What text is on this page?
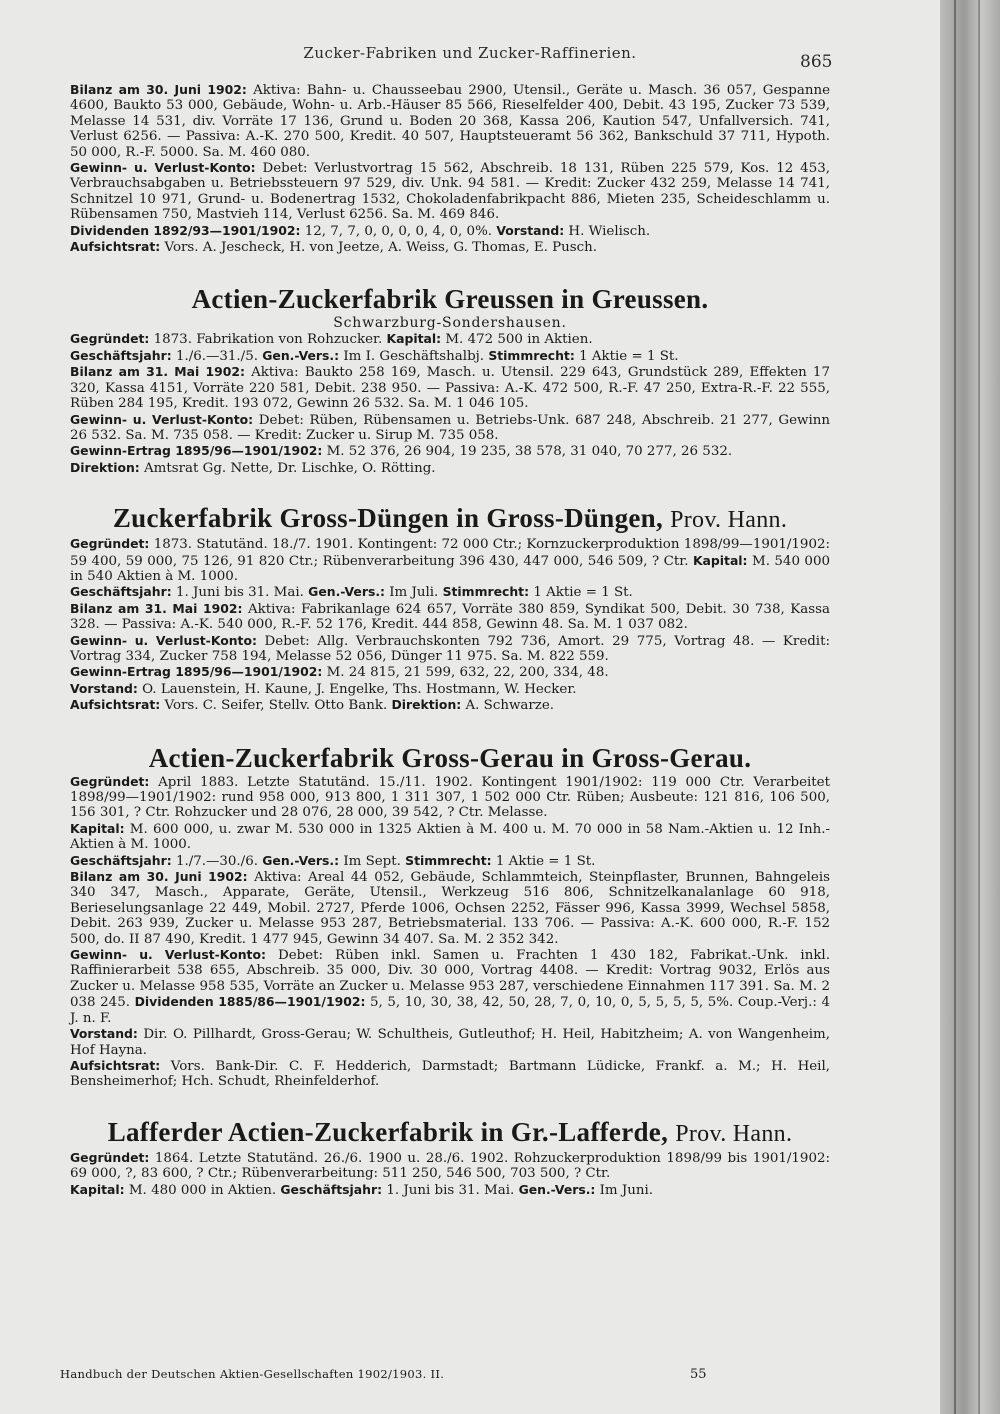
Zucker-Fabriken und Zucker-Raffinerien.	865

Bilanz am 30. Juni 1902: Aktiva: Bahn- u. Chausseebau 2900, Utensil., Geräte u. Masch. 36 057, Gespanne 4600, Baukto 53 000, Gebäude, Wohn- u. Arb.-Häuser 85 566, Rieselfelder 400, Debit. 43 195, Zucker 73 539, Melasse 14 531, div. Vorräte 17 136, Grund u. Boden 20 368, Kassa 206, Kaution 547, Unfallversich. 741, Verlust 6256. — Passiva: A.-K. 270 500, Kredit. 40 507, Hauptsteueramt 56 362, Bankschuld 37 711, Hypoth. 50 000, R.-F. 5000. Sa. M. 460 080.

Gewinn- u. Verlust-Konto: Debet: Verlustvortrag 15 562, Abschreib. 18 131, Rüben 225 579, Kos. 12 453, Verbrauchsabgaben u. Betriebssteuern 97 529, div. Unk. 94 581. — Kredit: Zucker 432 259, Melasse 14 741, Schnitzel 10 971, Grund- u. Bodenertrag 1532, Chokoladenfabrikpacht 886, Mieten 235, Scheideschlamm u. Rübensamen 750, Mastvieh 114, Verlust 6256. Sa. M. 469 846.

Dividenden 1892/93—1901/1902: 12, 7, 7, 0, 0, 0, 0, 4, 0, 0%. Vorstand: H. Wielisch.

Aufsichtsrat: Vors. A. Jescheck, H. von Jeetze, A. Weiss, G. Thomas, E. Pusch.

Actien-Zuckerfabrik Greussen in Greussen.

Schwarzburg-Sondershausen.

Gegründet: 1873. Fabrikation von Rohzucker. Kapital: M. 472 500 in Aktien.

Geschäftsjahr: 1./6.—31./5. Gen.-Vers.: Im I. Geschäftshalbj. Stimmrecht: 1 Aktie = 1 St.

Bilanz am 31. Mai 1902: Aktiva: Baukto 258 169, Masch. u. Utensil. 229 643, Grundstück 289, Effekten 17 320, Kassa 4151, Vorräte 220 581, Debit. 238 950. — Passiva: A.-K. 472 500, R.-F. 47 250, Extra-R.-F. 22 555, Rüben 284 195, Kredit. 193 072, Gewinn 26 532. Sa. M. 1 046 105.

Gewinn- u. Verlust-Konto: Debet: Rüben, Rübensamen u. Betriebs-Unk. 687 248, Abschreib. 21 277, Gewinn 26 532. Sa. M. 735 058. — Kredit: Zucker u. Sirup M. 735 058.

Gewinn-Ertrag 1895/96—1901/1902: M. 52 376, 26 904, 19 235, 38 578, 31 040, 70 277, 26 532.

Direktion: Amtsrat Gg. Nette, Dr. Lischke, O. Rötting.

Zuckerfabrik Gross-Düngen in Gross-Düngen, Prov. Hann.

Gegründet: 1873. Statutänd. 18./7. 1901. Kontingent: 72 000 Ctr.; Kornzuckerproduktion 1898/99—1901/1902: 59 400, 59 000, 75 126, 91 820 Ctr.; Rübenverarbeitung 396 430, 447 000, 546 509, ? Ctr. Kapital: M. 540 000 in 540 Aktien à M. 1000.

Geschäftsjahr: 1. Juni bis 31. Mai. Gen.-Vers.: Im Juli. Stimmrecht: 1 Aktie = 1 St.

Bilanz am 31. Mai 1902: Aktiva: Fabrikanlage 624 657, Vorräte 380 859, Syndikat 500, Debit. 30 738, Kassa 328. — Passiva: A.-K. 540 000, R.-F. 52 176, Kredit. 444 858, Gewinn 48. Sa. M. 1 037 082.

Gewinn- u. Verlust-Konto: Debet: Allg. Verbrauchskonten 792 736, Amort. 29 775, Vortrag 48. — Kredit: Vortrag 334, Zucker 758 194, Melasse 52 056, Dünger 11 975. Sa. M. 822 559.

Gewinn-Ertrag 1895/96—1901/1902: M. 24 815, 21 599, 632, 22, 200, 334, 48.

Vorstand: O. Lauenstein, H. Kaune, J. Engelke, Ths. Hostmann, W. Hecker.

Aufsichtsrat: Vors. C. Seifer, Stellv. Otto Bank. Direktion: A. Schwarze.

Actien-Zuckerfabrik Gross-Gerau in Gross-Gerau.

Gegründet: April 1883. Letzte Statutänd. 15./11. 1902. Kontingent 1901/1902: 119 000 Ctr. Verarbeitet 1898/99—1901/1902: rund 958 000, 913 800, 1 311 307, 1 502 000 Ctr. Rüben; Ausbeute: 121 816, 106 500, 156 301, ? Ctr. Rohzucker und 28 076, 28 000, 39 542, ? Ctr. Melasse.

Kapital: M. 600 000, u. zwar M. 530 000 in 1325 Aktien à M. 400 u. M. 70 000 in 58 Nam.-Aktien u. 12 Inh.-Aktien à M. 1000.

Geschäftsjahr: 1./7.—30./6. Gen.-Vers.: Im Sept. Stimmrecht: 1 Aktie = 1 St.

Bilanz am 30. Juni 1902: Aktiva: Areal 44 052, Gebäude, Schlammteich, Steinpflaster, Brunnen, Bahngeleis 340 347, Masch., Apparate, Geräte, Utensil., Werkzeug 516 806, Schnitzelkanalanlage 60 918, Berieselungsanlage 22 449, Mobil. 2727, Pferde 1006, Ochsen 2252, Fässer 996, Kassa 3999, Wechsel 5858, Debit. 263 939, Zucker u. Melasse 953 287, Betriebsmaterial. 133 706. — Passiva: A.-K. 600 000, R.-F. 152 500, do. II 87 490, Kredit. 1 477 945, Gewinn 34 407. Sa. M. 2 352 342.

Gewinn- u. Verlust-Konto: Debet: Rüben inkl. Samen u. Frachten 1 430 182, Fabrikat.-Unk. inkl. Raffinierarbeit 538 655, Abschreib. 35 000, Div. 30 000, Vortrag 4408. — Kredit: Vortrag 9032, Erlös aus Zucker u. Melasse 958 535, Vorräte an Zucker u. Melasse 953 287, verschiedene Einnahmen 117 391. Sa. M. 2 038 245. Dividenden 1885/86—1901/1902: 5, 5, 10, 30, 38, 42, 50, 28, 7, 0, 10, 0, 5, 5, 5, 5, 5%. Coup.-Verj.: 4 J. n. F.

Vorstand: Dir. O. Pillhardt, Gross-Gerau; W. Schultheis, Gutleuthof; H. Heil, Habitzheim; A. von Wangenheim, Hof Hayna.

Aufsichtsrat: Vors. Bank-Dir. C. F. Hedderich, Darmstadt; Bartmann Lüdicke, Frankf. a. M.; H. Heil, Bensheimerhof; Hch. Schudt, Rheinfelderhof.

Lafferder Actien-Zuckerfabrik in Gr.-Lafferde, Prov. Hann.

Gegründet: 1864. Letzte Statutänd. 26./6. 1900 u. 28./6. 1902. Rohzuckerproduktion 1898/99 bis 1901/1902: 69 000, ?, 83 600, ? Ctr.; Rübenverarbeitung: 511 250, 546 500, 703 500, ? Ctr.

Kapital: M. 480 000 in Aktien. Geschäftsjahr: 1. Juni bis 31. Mai. Gen.-Vers.: Im Juni.

Handbuch der Deutschen Aktien-Gesellschaften 1902/1903. II.	55
